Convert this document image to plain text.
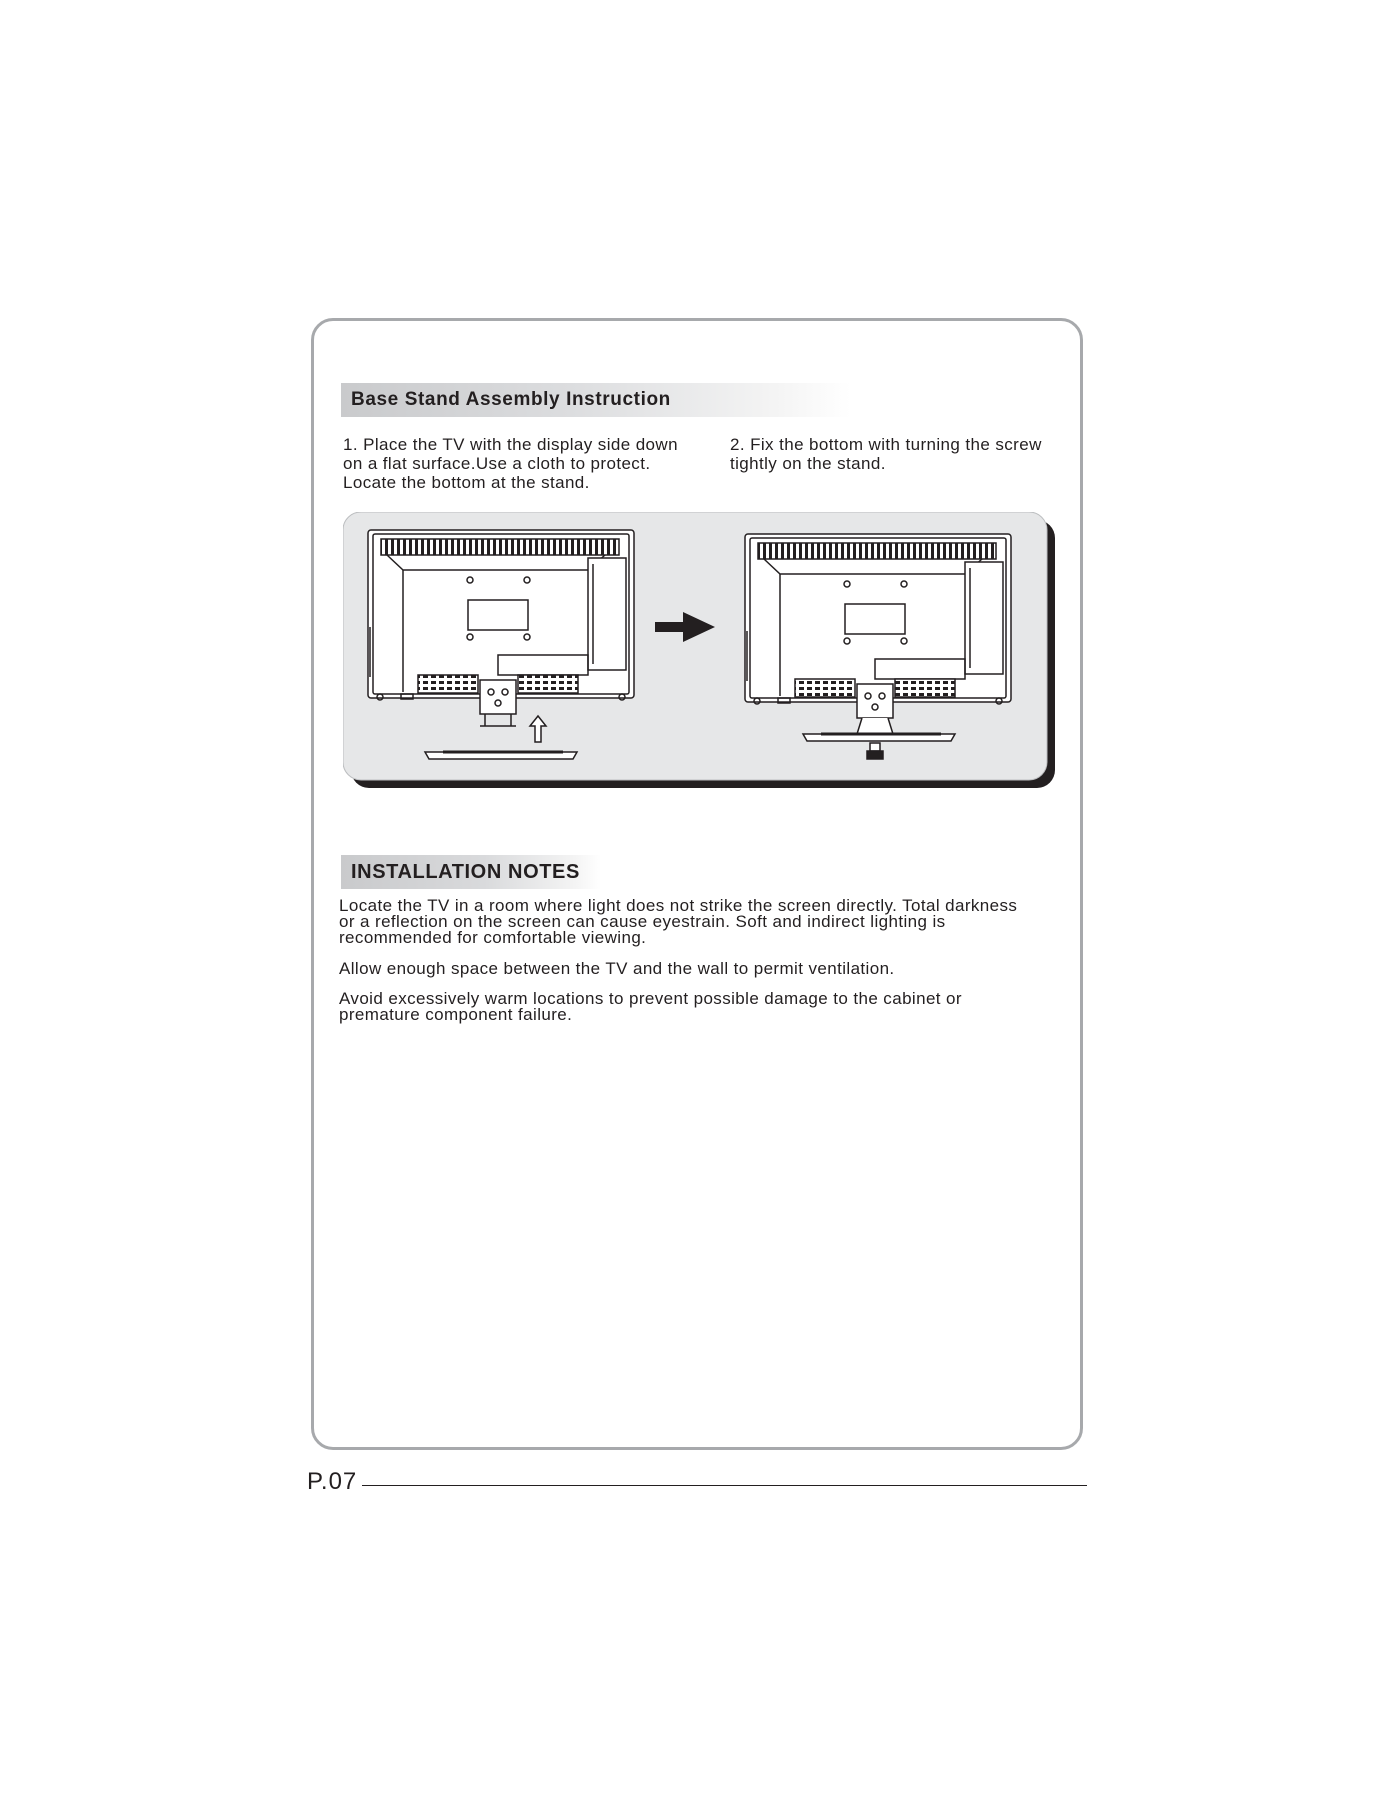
Base Stand Assembly Instruction
1. Place the TV with the display side down
on a flat surface.Use a cloth to protect.
Locate the bottom at the stand.
2. Fix the bottom with turning the screw
tightly on the stand.
INSTALLATION NOTES
Locate the TV in a room where light does not strike the screen directly. Total darkness
or a reflection on the screen can cause eyestrain. Soft and indirect lighting is
recommended for comfortable viewing.
Allow enough space between the TV and the wall to permit ventilation.
Avoid excessively warm locations to prevent possible damage to the cabinet or
premature component failure.
P.07
